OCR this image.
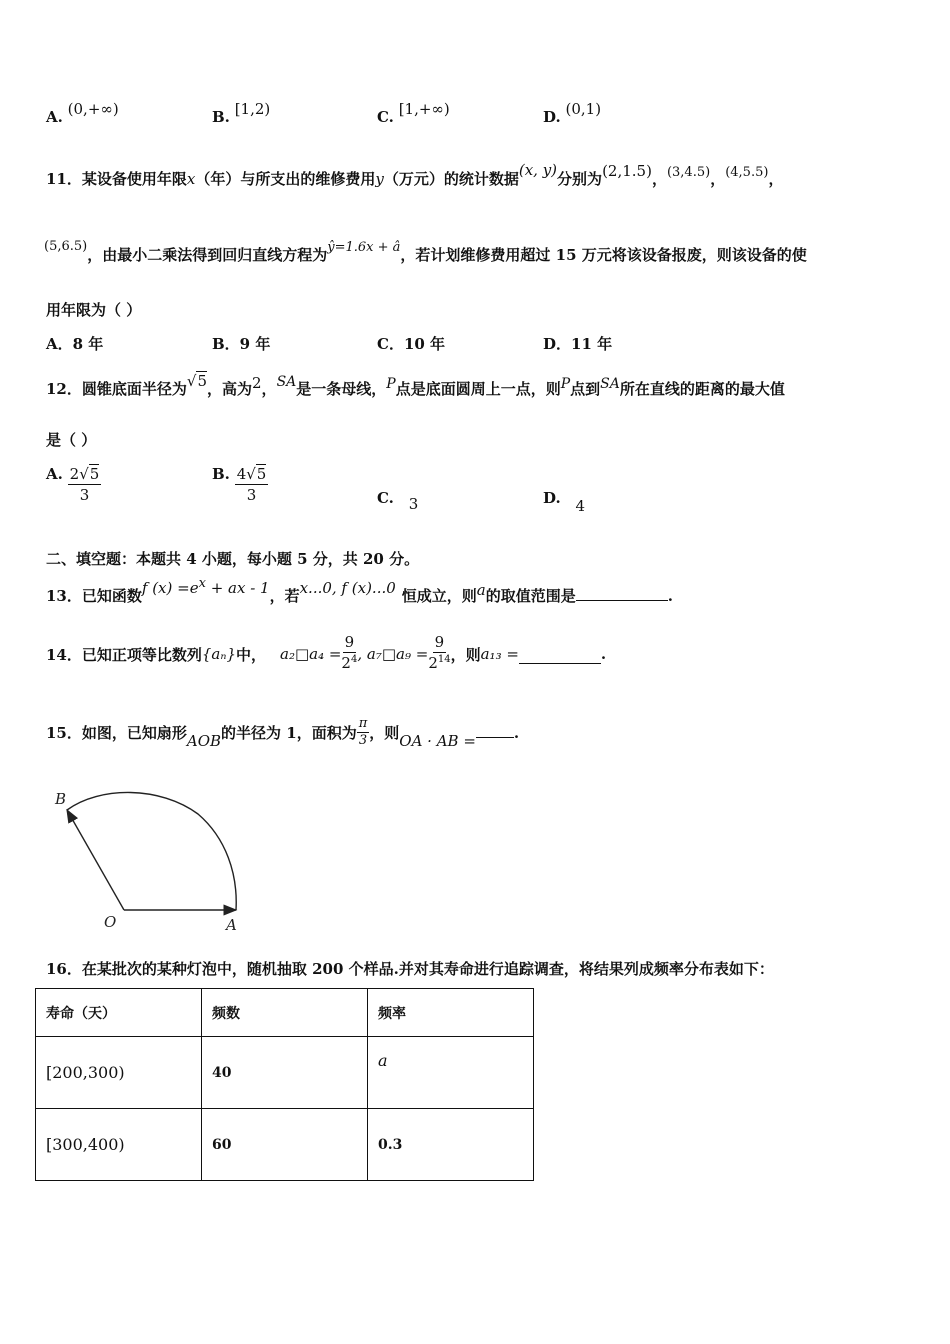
A. (0,+∞)	B. [1,2)	C. [1,+∞)	D. (0,1)
11．某设备使用年限x（年）与所支出的维修费用y（万元）的统计数据(x, y)分别为(2,1.5)，(3,4.5)，(4,5.5)，
(5,6.5)，由最小二乘法得到回归直线方程为ŷ=1.6x + â，若计划维修费用超过 15 万元将该设备报废，则该设备的使
用年限为（ ）
A．8 年	B．9 年	C．10 年	D．11 年
12．圆锥底面半径为√5，高为2，SA是一条母线，P点是底面圆周上一点，则P点到SA所在直线的距离的最大值
是（ ）
A. $\frac{2√5}{3}$	B. $\frac{4√5}{3}$	C. 3	D. 4
二、填空题：本题共 4 小题，每小题 5 分，共 20 分。
13．已知函数f (x) =ex + ax - 1，若x...0, f (x)...0 恒成立，则a的取值范围是	.
14．已知正项等比数列 {aₙ} 中， a₂□a₄ = $\frac{9}{2^4}$ , a₇□a₉ = $\frac{9}{2^{14}}$ ，则 a₁₃ =	.
15．如图，已知扇形 AOB 的半径为 1，面积为 $\frac{\pi}{3}$ ，则 OA · AB =	.
B
O	A
16．在某批次的某种灯泡中，随机抽取 200 个样品.并对其寿命进行追踪调查，将结果列成频率分布表如下：
寿命（天）	频数	频率
[200,300)	40	a
[300,400)	60	0.3
